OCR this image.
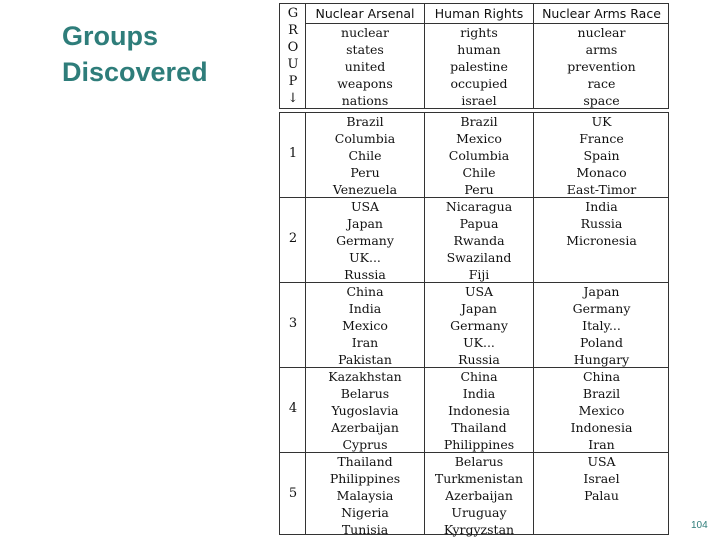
Groups Discovered
G
R
O
U
P
↓
Nuclear Arsenal	Human Rights	Nuclear Arms Race
nuclear
states
united
weapons
nations
rights
human
palestine
occupied
israel
nuclear
arms
prevention
race
space
1
Brazil
Columbia
Chile
Peru
Venezuela
Brazil
Mexico
Columbia
Chile
Peru
UK
France
Spain
Monaco
East-Timor
2
USA
Japan
Germany
UK...
Russia
Nicaragua
Papua
Rwanda
Swaziland
Fiji
India
Russia
Micronesia
3
China
India
Mexico
Iran
Pakistan
USA
Japan
Germany
UK...
Russia
Japan
Germany
Italy...
Poland
Hungary
4
Kazakhstan
Belarus
Yugoslavia
Azerbaijan
Cyprus
China
India
Indonesia
Thailand
Philippines
China
Brazil
Mexico
Indonesia
Iran
5
Thailand
Philippines
Malaysia
Nigeria
Tunisia
Belarus
Turkmenistan
Azerbaijan
Uruguay
Kyrgyzstan
USA
Israel
Palau
104
